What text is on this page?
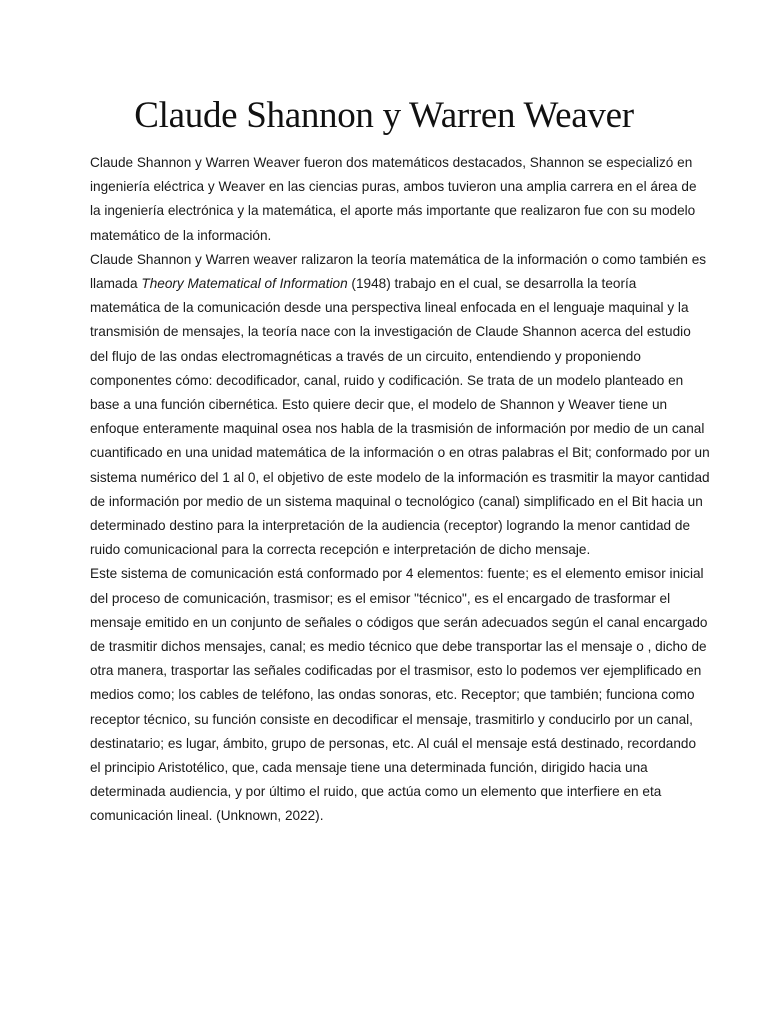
Claude Shannon y Warren Weaver

Claude Shannon y Warren Weaver fueron dos matemáticos destacados, Shannon se especializó en ingeniería eléctrica y Weaver en las ciencias puras, ambos tuvieron una amplia carrera en el área de la ingeniería electrónica y la matemática, el aporte más importante que realizaron fue con su modelo matemático de la información.

Claude Shannon y Warren weaver ralizaron la teoría matemática de la información o como también es llamada Theory Matematical of Information (1948) trabajo en el cual, se desarrolla la teoría matemática de la comunicación desde una perspectiva lineal enfocada en el lenguaje maquinal y la transmisión de mensajes, la teoría nace con la investigación de Claude Shannon acerca del estudio del flujo de las ondas electromagnéticas a través de un circuito, entendiendo y proponiendo componentes cómo: decodificador, canal, ruido y codificación. Se trata de un modelo planteado en base a una función cibernética. Esto quiere decir que, el modelo de Shannon y Weaver tiene un enfoque enteramente maquinal osea nos habla de la trasmisión de información por medio de un canal cuantificado en una unidad matemática de la información o en otras palabras el Bit; conformado por un sistema numérico del 1 al 0, el objetivo de este modelo de la información es trasmitir la mayor cantidad de información por medio de un sistema maquinal o tecnológico (canal) simplificado en el Bit hacia un determinado destino para la interpretación de la audiencia (receptor) logrando la menor cantidad de ruido comunicacional para la correcta recepción e interpretación de dicho mensaje.

Este sistema de comunicación está conformado por 4 elementos: fuente; es el elemento emisor inicial del proceso de comunicación, trasmisor; es el emisor "técnico", es el encargado de trasformar el mensaje emitido en un conjunto de señales o códigos que serán adecuados según el canal encargado de trasmitir dichos mensajes, canal; es medio técnico que debe transportar las el mensaje o , dicho de otra manera, trasportar las señales codificadas por el trasmisor, esto lo podemos ver ejemplificado en medios como; los cables de teléfono, las ondas sonoras, etc. Receptor; que también; funciona como receptor técnico, su función consiste en decodificar el mensaje, trasmitirlo y conducirlo por un canal, destinatario; es lugar, ámbito, grupo de personas, etc. Al cuál el mensaje está destinado, recordando el principio Aristotélico, que, cada mensaje tiene una determinada función, dirigido hacia una determinada audiencia, y por último el ruido, que actúa como un elemento que interfiere en eta comunicación lineal. (Unknown, 2022).
